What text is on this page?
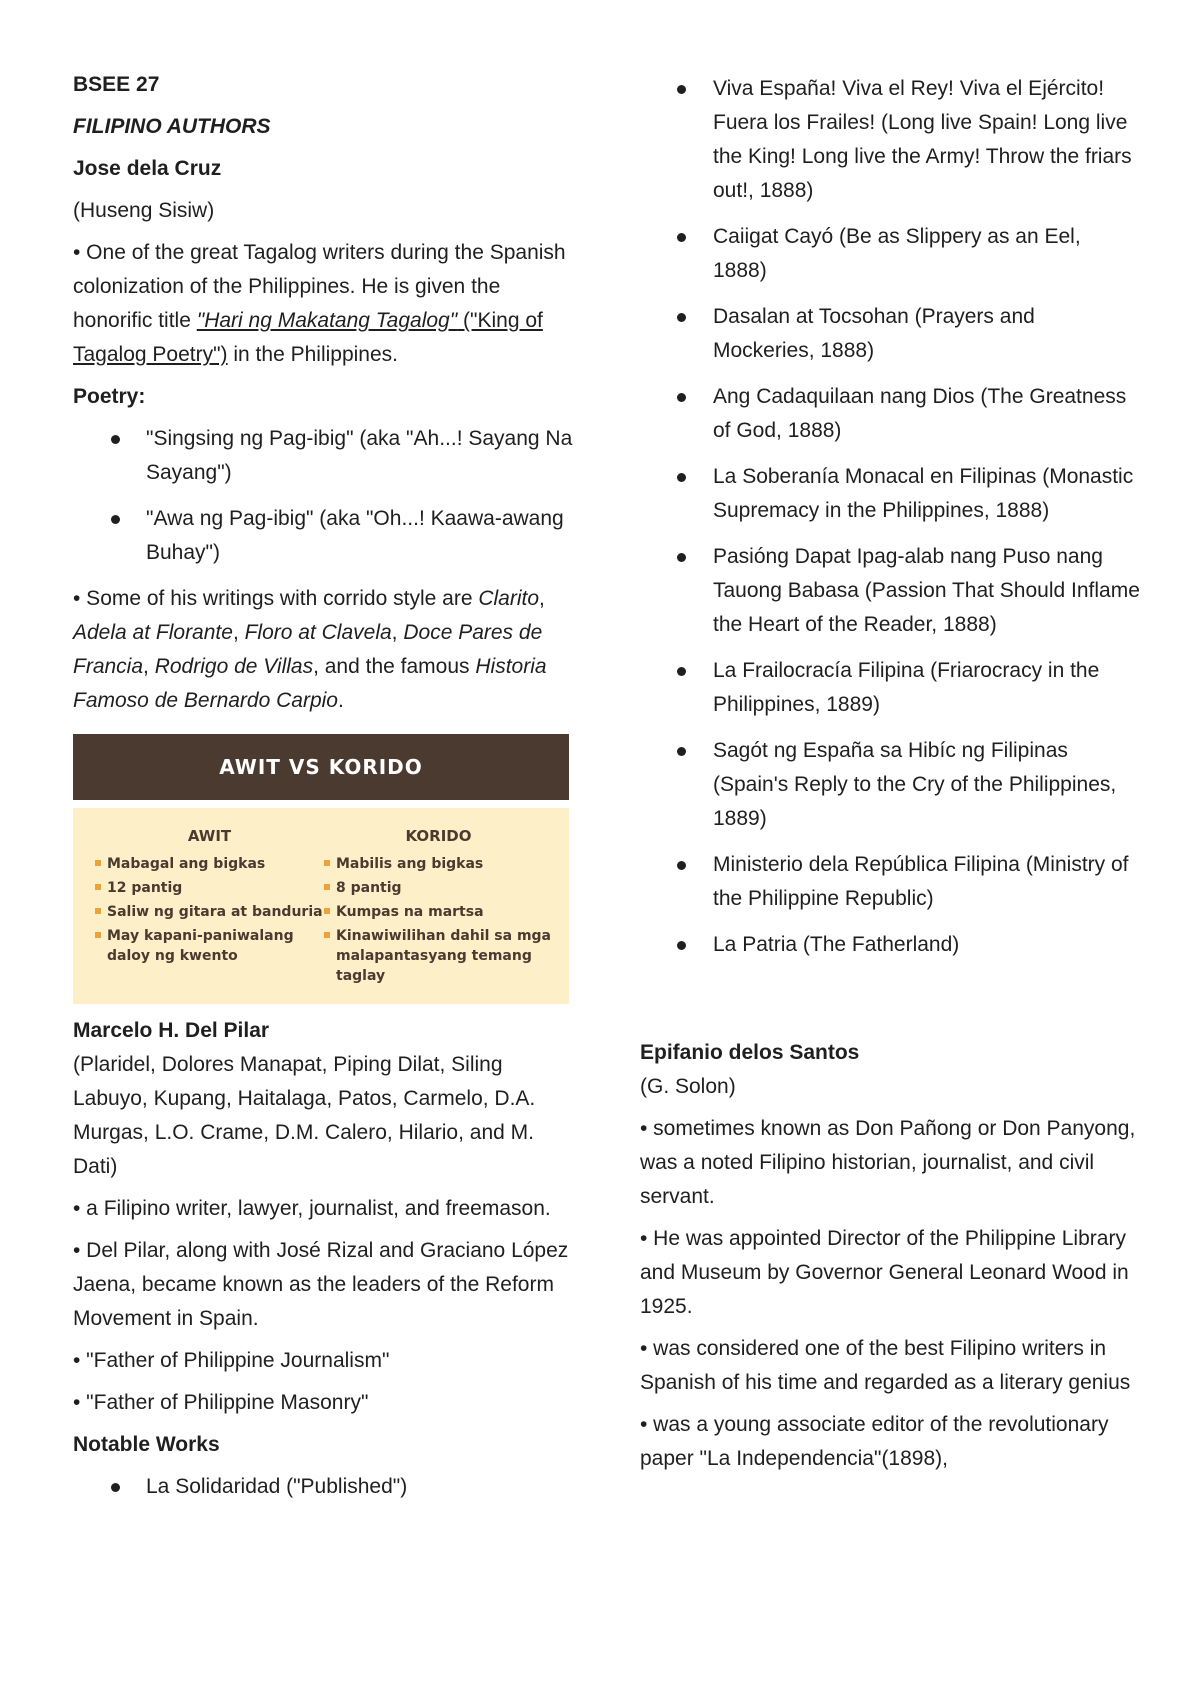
BSEE 27

FILIPINO AUTHORS

Jose dela Cruz

(Huseng Sisiw)

• One of the great Tagalog writers during the Spanish colonization of the Philippines. He is given the honorific title "Hari ng Makatang Tagalog" ("King of Tagalog Poetry") in the Philippines.

Poetry:

"Singsing ng Pag-ibig" (aka "Ah...! Sayang Na Sayang")
"Awa ng Pag-ibig" (aka "Oh...! Kaawa-awang Buhay")

• Some of his writings with corrido style are Clarito, Adela at Florante, Floro at Clavela, Doce Pares de Francia, Rodrigo de Villas, and the famous Historia Famoso de Bernardo Carpio.

AWIT VS KORIDO
AWIT
Mabagal ang bigkas
12 pantig
Saliw ng gitara at banduria
May kapani-paniwalang daloy ng kwento
KORIDO
Mabilis ang bigkas
8 pantig
Kumpas na martsa
Kinawiwilihan dahil sa mga malapantasyang temang taglay

Marcelo H. Del Pilar

(Plaridel, Dolores Manapat, Piping Dilat, Siling Labuyo, Kupang, Haitalaga, Patos, Carmelo, D.A. Murgas, L.O. Crame, D.M. Calero, Hilario, and M. Dati)

• a Filipino writer, lawyer, journalist, and freemason.

• Del Pilar, along with José Rizal and Graciano López Jaena, became known as the leaders of the Reform Movement in Spain.

• "Father of Philippine Journalism"

• "Father of Philippine Masonry"

Notable Works

La Solidaridad ("Published")
Viva España! Viva el Rey! Viva el Ejército! Fuera los Frailes! (Long live Spain! Long live the King! Long live the Army! Throw the friars out!, 1888)
Caiigat Cayó (Be as Slippery as an Eel, 1888)
Dasalan at Tocsohan (Prayers and Mockeries, 1888)
Ang Cadaquilaan nang Dios (The Greatness of God, 1888)
La Soberanía Monacal en Filipinas (Monastic Supremacy in the Philippines, 1888)
Pasióng Dapat Ipag-alab nang Puso nang Tauong Babasa (Passion That Should Inflame the Heart of the Reader, 1888)
La Frailocracía Filipina (Friarocracy in the Philippines, 1889)
Sagót ng España sa Hibíc ng Filipinas (Spain's Reply to the Cry of the Philippines, 1889)
Ministerio dela República Filipina (Ministry of the Philippine Republic)
La Patria (The Fatherland)

Epifanio delos Santos

(G. Solon)

• sometimes known as Don Pañong or Don Panyong, was a noted Filipino historian, journalist, and civil servant.

• He was appointed Director of the Philippine Library and Museum by Governor General Leonard Wood in 1925.

• was considered one of the best Filipino writers in Spanish of his time and regarded as a literary genius

• was a young associate editor of the revolutionary paper "La Independencia"(1898),
